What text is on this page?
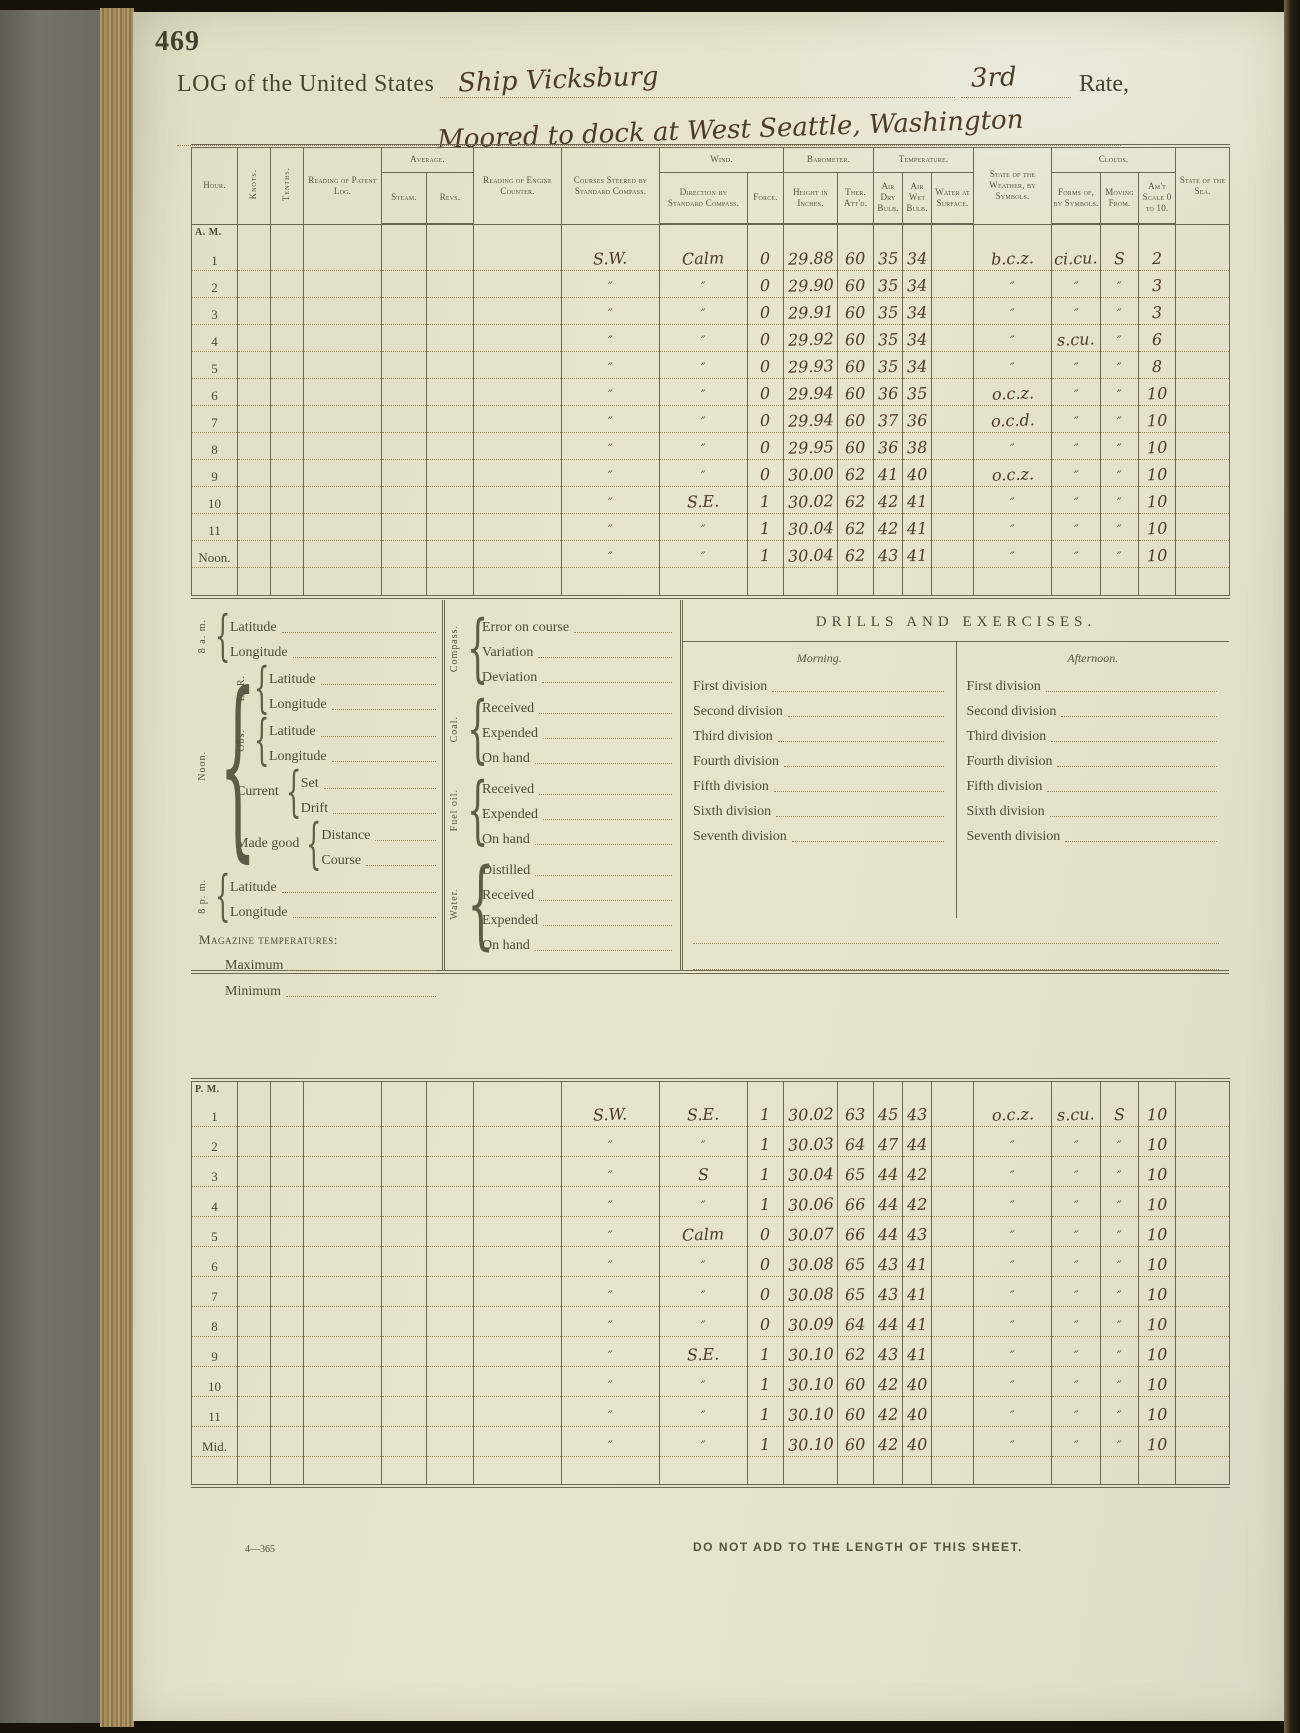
469
LOG of the United States Ship Vicksburg	3rd	Rate,
Moored to dock at West Seattle, Washington
Hour.	Knots.	Tenths.	Reading of Patent Log.	Average.		Reading of Engine Counter.	Courses Steered by Standard Compass.	Wind.		Barometer.		Temperature.			State of the Weather, by Symbols.	Clouds.			State of the Sea.
				Steam.	Revs.			Direction by Standard Compass.	Force.	Height in Inches.	Ther. Att'd.	Air Dry Bulb.	Air Wet Bulb.	Water at Surface.		Forms of, by Symbols.	Moving From.	Am't Scale 0 to 10.	

A. M.
1							S.W.	Calm	0	29.88	60	35	34		b.c.z.	ci.cu.	S	2	

2							″	″	0	29.90	60	35	34		″	″	″	3	

3							″	″	0	29.91	60	35	34		″	″	″	3	

4							″	″	0	29.92	60	35	34		″	s.cu.	″	6	

5							″	″	0	29.93	60	35	34		″	″	″	8	

6							″	″	0	29.94	60	36	35		o.c.z.	″	″	10	

7							″	″	0	29.94	60	37	36		o.c.d.	″	″	10	

8							″	″	0	29.95	60	36	38		″	″	″	10	

9							″	″	0	30.00	62	41	40		o.c.z.	″	″	10	

10							″	S.E.	1	30.02	62	42	41		″	″	″	10	

11							″	″	1	30.04	62	42	41		″	″	″	10	

Noon.							″	″	1	30.04	62	43	41		″	″	″	10	

8 a. m. { Latitude
Longitude
Noon.
{
D. R. { Latitude
Longitude
Obs. { Latitude
Longitude
Current
{
Set
Drift
Made good
{
Distance
Course
8 p. m. { Latitude
Longitude
Magazine temperatures:
Maximum
Minimum
Compass. { Error on course
Variation
Deviation
Coal.
{
Received
Expended
On hand
Fuel oil. { Received
Expended
On hand
Water.
{
Distilled
Received
Expended
On hand
DRILLS AND EXERCISES.
Morning.
First division
Second division
Third division
Fourth division
Fifth division
Sixth division
Seventh division
Afternoon.
First division
Second division
Third division
Fourth division
Fifth division
Sixth division
Seventh division
P. M.
1							S.W.	S.E.	1	30.02	63	45	43		o.c.z.	s.cu.	S	10	

2							″	″	1	30.03	64	47	44		″	″	″	10	

3							″	S	1	30.04	65	44	42		″	″	″	10	

4							″	″	1	30.06	66	44	42		″	″	″	10	

5							″	Calm	0	30.07	66	44	43		″	″	″	10	

6							″	″	0	30.08	65	43	41		″	″	″	10	

7							″	″	0	30.08	65	43	41		″	″	″	10	

8							″	″	0	30.09	64	44	41		″	″	″	10	

9							″	S.E.	1	30.10	62	43	41		″	″	″	10	

10							″	″	1	30.10	60	42	40		″	″	″	10	

11							″	″	1	30.10	60	42	40		″	″	″	10	

Mid.							″	″	1	30.10	60	42	40		″	″	″	10	

4—365	DO NOT ADD TO THE LENGTH OF THIS SHEET.
